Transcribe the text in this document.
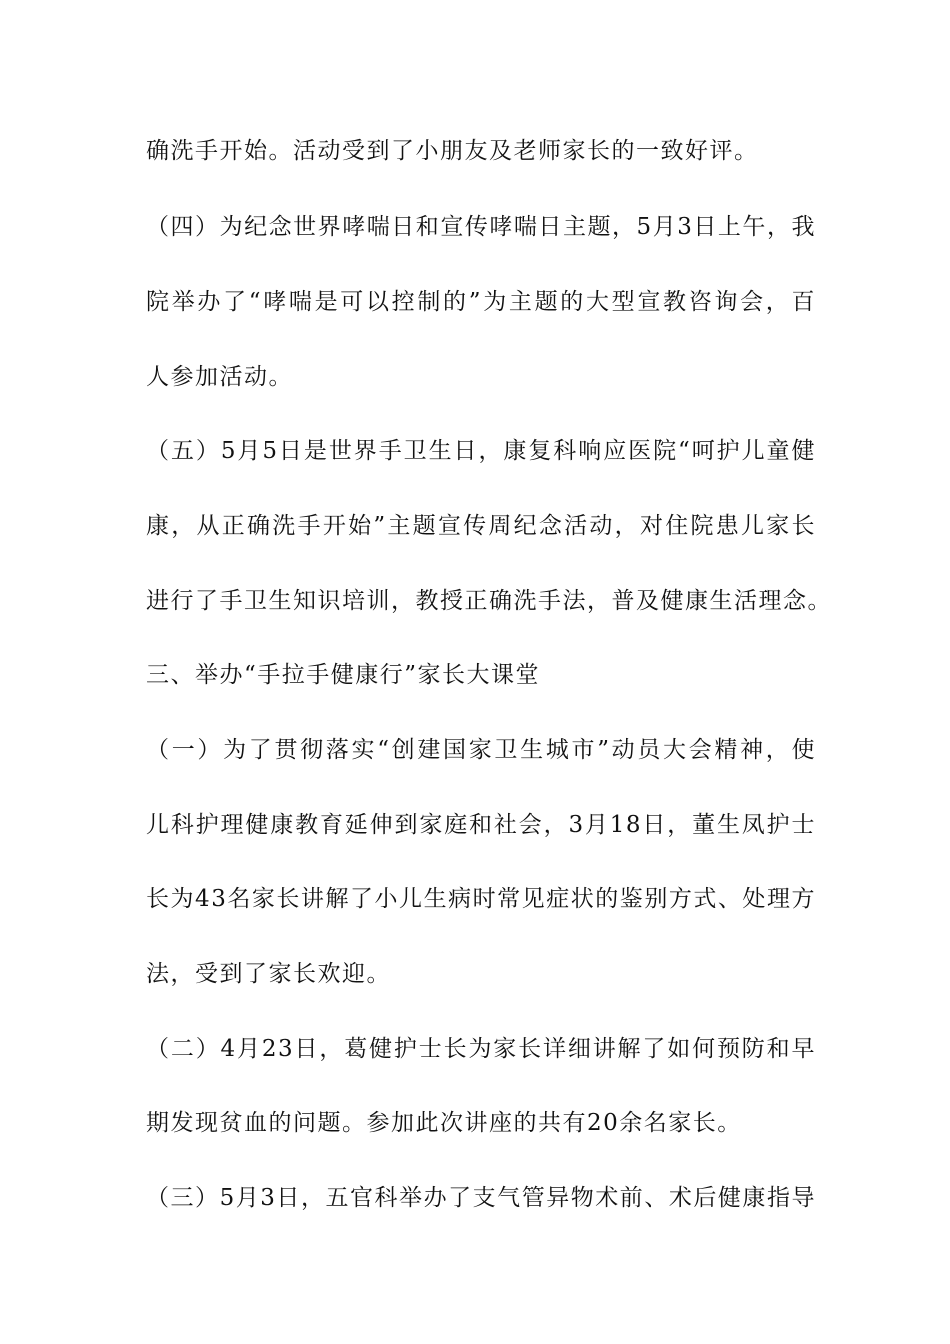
确洗手开始。活动受到了小朋友及老师家长的一致好评。
（四）为纪念世界哮喘日和宣传哮喘日主题，5月3日上午，我
院举办了“哮喘是可以控制的”为主题的大型宣教咨询会，百
人参加活动。
（五）5月5日是世界手卫生日，康复科响应医院“呵护儿童健
康，从正确洗手开始”主题宣传周纪念活动，对住院患儿家长
进行了手卫生知识培训，教授正确洗手法，普及健康生活理念。
三、举办“手拉手健康行”家长大课堂
（一）为了贯彻落实“创建国家卫生城市”动员大会精神，使
儿科护理健康教育延伸到家庭和社会，3月18日，董生凤护士
长为43名家长讲解了小儿生病时常见症状的鉴别方式、处理方
法，受到了家长欢迎。
（二）4月23日，葛健护士长为家长详细讲解了如何预防和早
期发现贫血的问题。参加此次讲座的共有20余名家长。
（三）5月3日，五官科举办了支气管异物术前、术后健康指导
